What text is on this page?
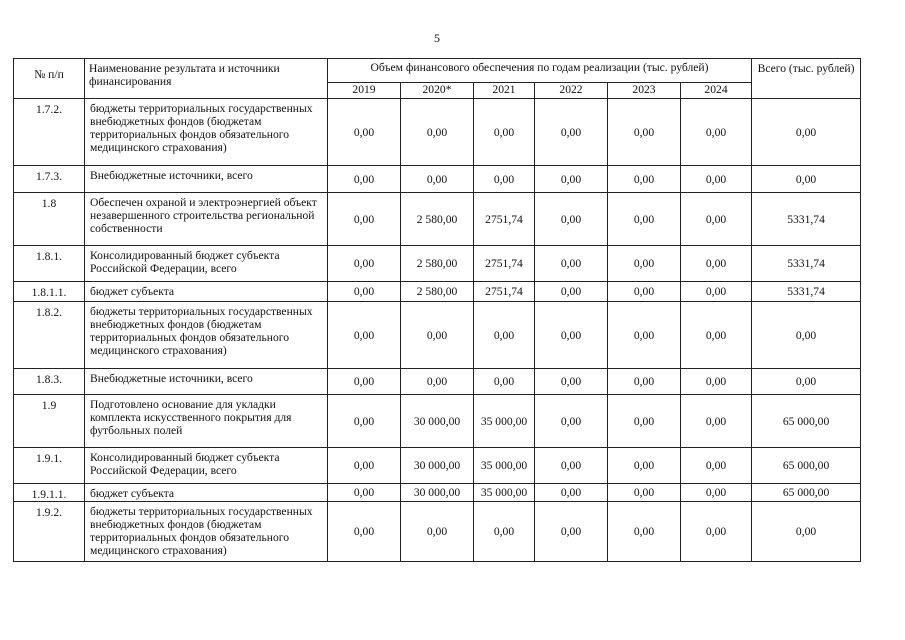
5
№ п/п	Наименование результата и источники финансирования	Объем финансового обеспечения по годам реализации (тыс. рублей)						Всего (тыс. рублей)
		2019	2020*	2021	2022	2023	2024	
1.7.2.	бюджеты территориальных государственных внебюджетных фондов (бюджетам территориальных фондов обязательного медицинского страхования)	0,00	0,00	0,00	0,00	0,00	0,00	0,00
1.7.3.	Внебюджетные источники, всего	0,00	0,00	0,00	0,00	0,00	0,00	0,00
1.8	Обеспечен охраной и электроэнергией объект незавершенного строительства региональной собственности	0,00	2 580,00	2751,74	0,00	0,00	0,00	5331,74
1.8.1.	Консолидированный бюджет субъекта Российской Федерации, всего	0,00	2 580,00	2751,74	0,00	0,00	0,00	5331,74
1.8.1.1.	бюджет субъекта	0,00	2 580,00	2751,74	0,00	0,00	0,00	5331,74
1.8.2.	бюджеты территориальных государственных внебюджетных фондов (бюджетам территориальных фондов обязательного медицинского страхования)	0,00	0,00	0,00	0,00	0,00	0,00	0,00
1.8.3.	Внебюджетные источники, всего	0,00	0,00	0,00	0,00	0,00	0,00	0,00
1.9	Подготовлено основание для укладки комплекта искусственного покрытия для футбольных полей	0,00	30 000,00	35 000,00	0,00	0,00	0,00	65 000,00
1.9.1.	Консолидированный бюджет субъекта Российской Федерации, всего	0,00	30 000,00	35 000,00	0,00	0,00	0,00	65 000,00
1.9.1.1.	бюджет субъекта	0,00	30 000,00	35 000,00	0,00	0,00	0,00	65 000,00
1.9.2.	бюджеты территориальных государственных внебюджетных фондов (бюджетам территориальных фондов обязательного медицинского страхования)	0,00	0,00	0,00	0,00	0,00	0,00	0,00
